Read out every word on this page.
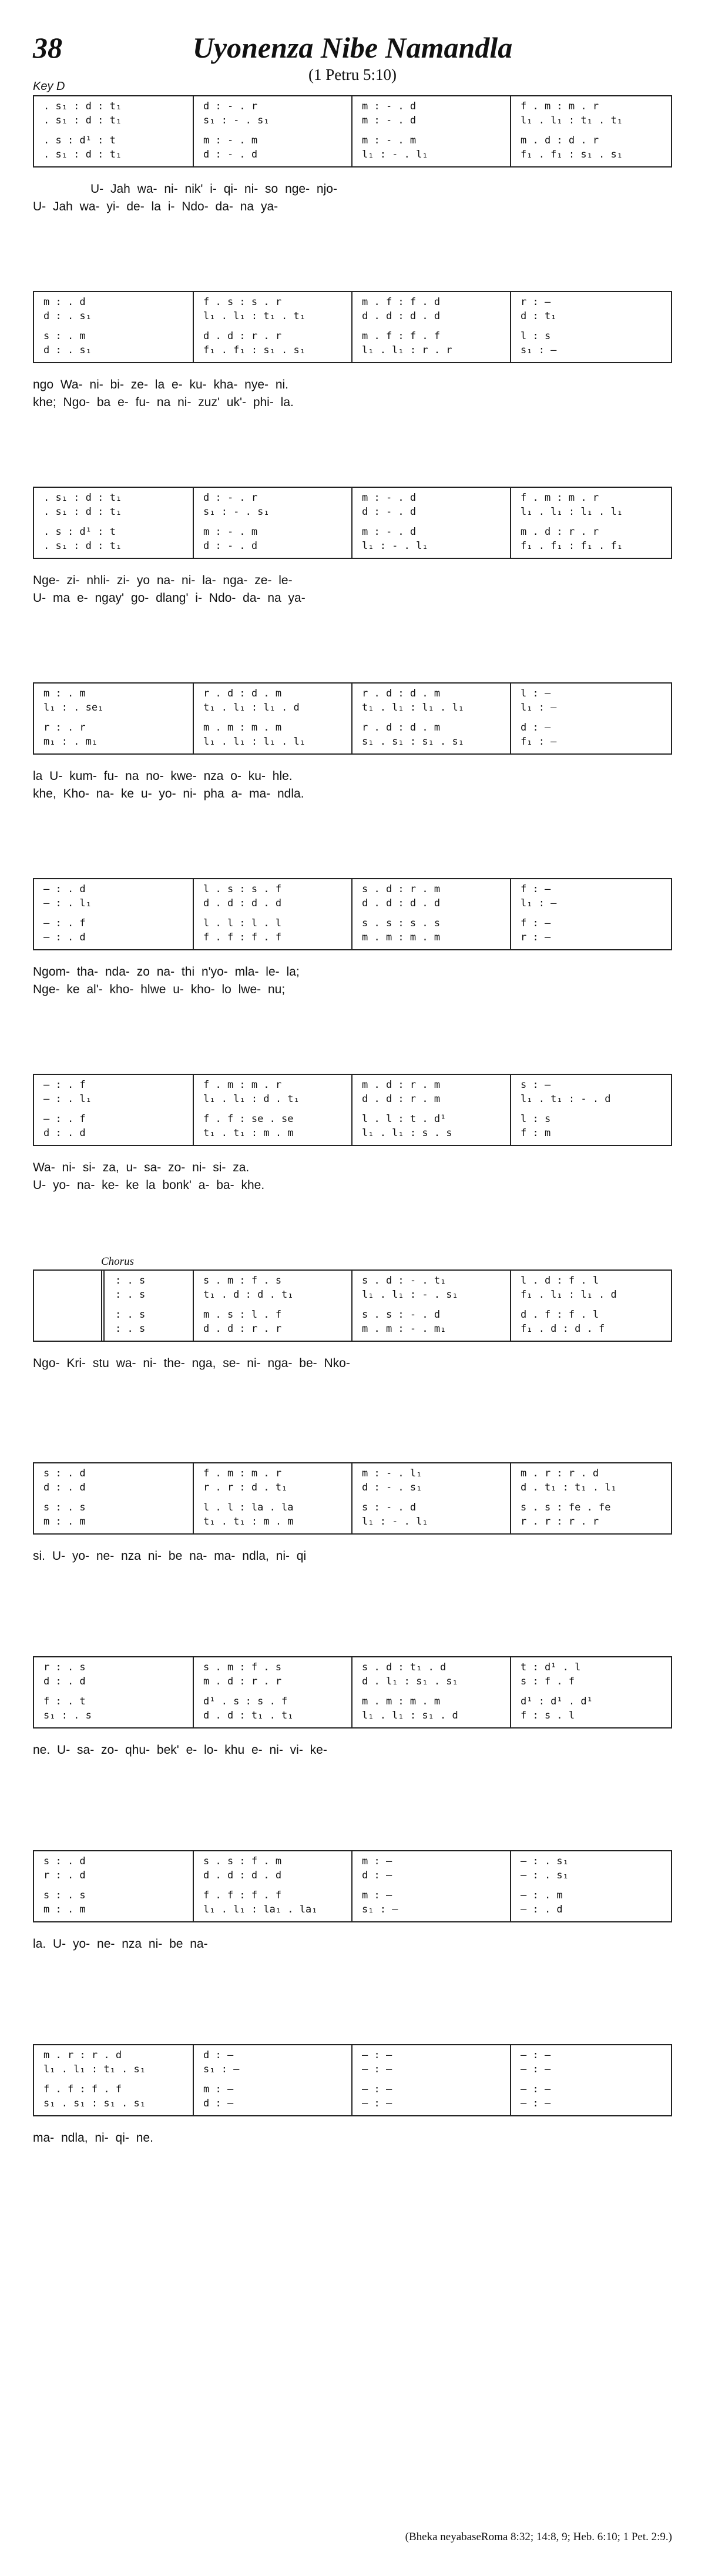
38	Uyonenza Nibe Namandla
(1 Petru 5:10)
Key D
. s₁ : d : t₁
. s₁ : d : t₁
. s : d¹ : t
. s₁ : d : t₁
d : - . r
s₁ : - . s₁
m : - . m
d : - . d
m : - . d
m : - . d
m : - . m
l₁ : - . l₁
f . m : m . r
l₁ . l₁ : t₁ . t₁
m . d : d . r
f₁ . f₁ : s₁ . s₁
U- Jah wa- ni- nik' i- qi- ni- so nge- njo-
U- Jah wa- yi- de- la i- Ndo- da- na ya-
m : . d
d : . s₁
s : . m
d : . s₁
f . s : s . r
l₁ . l₁ : t₁ . t₁
d . d : r . r
f₁ . f₁ : s₁ . s₁
m . f : f . d
d . d : d . d
m . f : f . f
l₁ . l₁ : r . r
r : —
d : t₁
l : s
s₁ : —
ngo Wa- ni- bi- ze- la e- ku- kha- nye- ni.
khe; Ngo- ba e- fu- na ni- zuz' uk'- phi- la.
. s₁ : d : t₁
. s₁ : d : t₁
. s : d¹ : t
. s₁ : d : t₁
d : - . r
s₁ : - . s₁
m : - . m
d : - . d
m : - . d
d : - . d
m : - . d
l₁ : - . l₁
f . m : m . r
l₁ . l₁ : l₁ . l₁
m . d : r . r
f₁ . f₁ : f₁ . f₁
Nge- zi- nhli- zi- yo na- ni- la- nga- ze- le-
U- ma e- ngay' go- dlang' i- Ndo- da- na ya-
m : . m
l₁ : . se₁
r : . r
m₁ : . m₁
r . d : d . m
t₁ . l₁ : l₁ . d
m . m : m . m
l₁ . l₁ : l₁ . l₁
r . d : d . m
t₁ . l₁ : l₁ . l₁
r . d : d . m
s₁ . s₁ : s₁ . s₁
l : —
l₁ : —
d : —
f₁ : —
la U- kum- fu- na no- kwe- nza o- ku- hle.
khe, Kho- na- ke u- yo- ni- pha a- ma- ndla.
— : . d
— : . l₁
— : . f
— : . d
l . s : s . f
d . d : d . d
l . l : l . l
f . f : f . f
s . d : r . m
d . d : d . d
s . s : s . s
m . m : m . m
f : —
l₁ : —
f : —
r : —
Ngom- tha- nda- zo na- thi n'yo- mla- le- la;
Nge- ke al'- kho- hlwe u- kho- lo lwe- nu;
— : . f
— : . l₁
— : . f
d : . d
f . m : m . r
l₁ . l₁ : d . t₁
f . f : se . se
t₁ . t₁ : m . m
m . d : r . m
d . d : r . m
l . l : t . d¹
l₁ . l₁ : s . s
s : —
l₁ . t₁ : - . d
l : s
f : m
Wa- ni- si- za, u- sa- zo- ni- si- za.
U- yo- na- ke- ke la bonk' a- ba- khe.
Chorus
: . s
: . s
: . s
: . s
s . m : f . s
t₁ . d : d . t₁
m . s : l . f
d . d : r . r
s . d : - . t₁
l₁ . l₁ : - . s₁
s . s : - . d
m . m : - . m₁
l . d : f . l
f₁ . l₁ : l₁ . d
d . f : f . l
f₁ . d : d . f
Ngo- Kri- stu wa- ni- the- nga, se- ni- nga- be- Nko-
s : . d
d : . d
s : . s
m : . m
f . m : m . r
r . r : d . t₁
l . l : la . la
t₁ . t₁ : m . m
m : - . l₁
d : - . s₁
s : - . d
l₁ : - . l₁
m . r : r . d
d . t₁ : t₁ . l₁
s . s : fe . fe
r . r : r . r
si. U- yo- ne- nza ni- be na- ma- ndla, ni- qi
r : . s
d : . d
f : . t
s₁ : . s
s . m : f . s
m . d : r . r
d¹ . s : s . f
d . d : t₁ . t₁
s . d : t₁ . d
d . l₁ : s₁ . s₁
m . m : m . m
l₁ . l₁ : s₁ . d
t : d¹ . l
s : f . f
d¹ : d¹ . d¹
f : s . l
ne. U- sa- zo- qhu- bek' e- lo- khu e- ni- vi- ke-
s : . d
r : . d
s : . s
m : . m
s . s : f . m
d . d : d . d
f . f : f . f
l₁ . l₁ : la₁ . la₁
m : —
d : —
m : —
s₁ : —
— : . s₁
— : . s₁
— : . m
— : . d
la. U- yo- ne- nza ni- be na-
m . r : r . d
l₁ . l₁ : t₁ . s₁
f . f : f . f
s₁ . s₁ : s₁ . s₁
d : —
s₁ : —
m : —
d : —
— : —
— : —
— : —
— : —
— : —
— : —
— : —
— : —
ma- ndla, ni- qi- ne.
(Bheka neyabaseRoma 8:32; 14:8, 9; Heb. 6:10; 1 Pet. 2:9.)
